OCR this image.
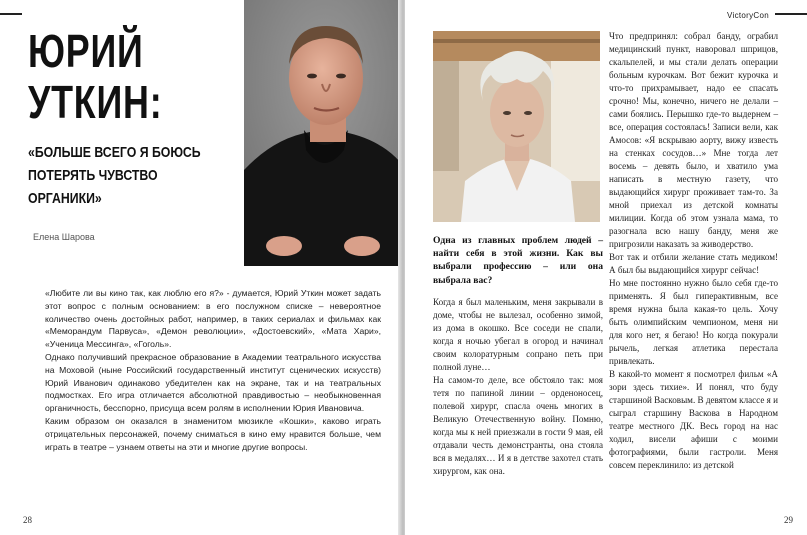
ЮРИЙ
УТКИН:
«БОЛЬШЕ ВСЕГО Я БОЮСЬ ПОТЕРЯТЬ ЧУВСТВО ОРГАНИКИ»
Елена Шарова

«Любите ли вы кино так, как люблю его я?» - думается, Юрий Уткин может задать этот вопрос с полным основанием: в его послужном списке – невероятное количество очень достойных работ, например, в таких сериалах и фильмах как «Меморандум Парвуса», «Демон революции», «Достоевский», «Мата Хари», «Ученица Мессинга», «Гоголь».

Однако получивший прекрасное образование в Академии театрального искусства на Моховой (ныне Российский государственный институт сценических искусств) Юрий Иванович одинаково убедителен как на экране, так и на театральных подмостках. Его игра отличается абсолютной правдивостью – необыкновенная органичность, бесспорно, присуща всем ролям в исполнении Юрия Ивановича.

Каким образом он оказался в знаменитом мюзикле «Кошки», каково играть отрицательных персонажей, почему сниматься в кино ему нравится больше, чем играть в театре – узнаем ответы на эти и многие другие вопросы.

28
VictoryCon
Одна из главных проблем людей – найти себя в этой жизни. Как вы выбрали профессию – или она выбрала вас?

Когда я был маленьким, меня закрывали в доме, чтобы не вылезал, особенно зимой, из дома в окошко. Все соседи не спали, когда я ночью убегал в огород и начинал своим колоратурным сопрано петь при полной луне…

На самом-то деле, все обстояло так: моя тетя по папиной линии – орденоносец, полевой хирург, спасла очень многих в Великую Отечественную войну. Помню, когда мы к ней приезжали в гости 9 мая, ей отдавали честь демонстранты, она стояла вся в медалях… И я в детстве захотел стать хирургом, как она.

Что предпринял: собрал банду, ограбил медицинский пункт, наворовал шприцов, скальпелей, и мы стали делать операции больным курочкам. Вот бежит курочка и что-то прихрамывает, надо ее спасать срочно! Мы, конечно, ничего не делали – сами боялись. Перышко где-то выдернем – все, операция состоялась! Записи вели, как Амосов: «Я вскрываю аорту, вижу известь на стенках сосудов…» Мне тогда лет восемь – девять было, и хватило ума написать в местную газету, что выдающийся хирург проживает там-то. За мной приехал из детской комнаты милиции. Когда об этом узнала мама, то разогнала всю нашу банду, меня же пригрозили наказать за живодерство.

Вот так и отбили желание стать медиком! А был бы выдающийся хирург сейчас!

Но мне постоянно нужно было себя где-то применять. Я был гиперактивным, все время нужна была какая-то цель. Хочу быть олимпийским чемпионом, меня ни для кого нет, я бегаю! Но когда покурали рычель, легкая атлетика перестала привлекать.

В какой-то момент я посмотрел фильм «А зори здесь тихие». И понял, что буду старшиной Васковым. В девятом классе я и сыграл старшину Васкова в Народном театре местного ДК. Весь город на нас ходил, висели афиши с моими фотографиями, были гастроли. Меня совсем переклинило: из детской

29
